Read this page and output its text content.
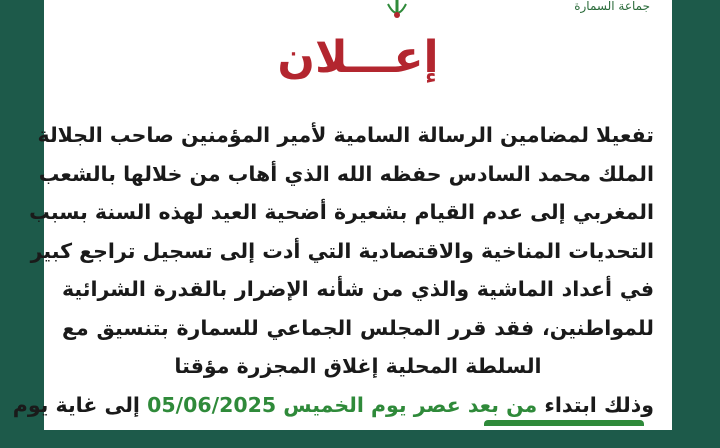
جماعة السمارة

إعـــلان
تفعيلا لمضامين الرسالة السامية لأمير المؤمنين صاحب الجلالة
الملك محمد السادس حفظه الله الذي أهاب من خلالها بالشعب
المغربي إلى عدم القيام بشعيرة أضحية العيد لهذه السنة بسبب
التحديات المناخية والاقتصادية التي أدت إلى تسجيل تراجع كبير
في أعداد الماشية والذي من شأنه الإضرار بالقدرة الشرائية
للمواطنين، فقد قرر المجلس الجماعي للسمارة بتنسيق مع
السلطة المحلية إغلاق المجزرة مؤقتا
وذلك ابتداء من بعد عصر يوم الخميس 05/06/2025 إلى غاية يوم
